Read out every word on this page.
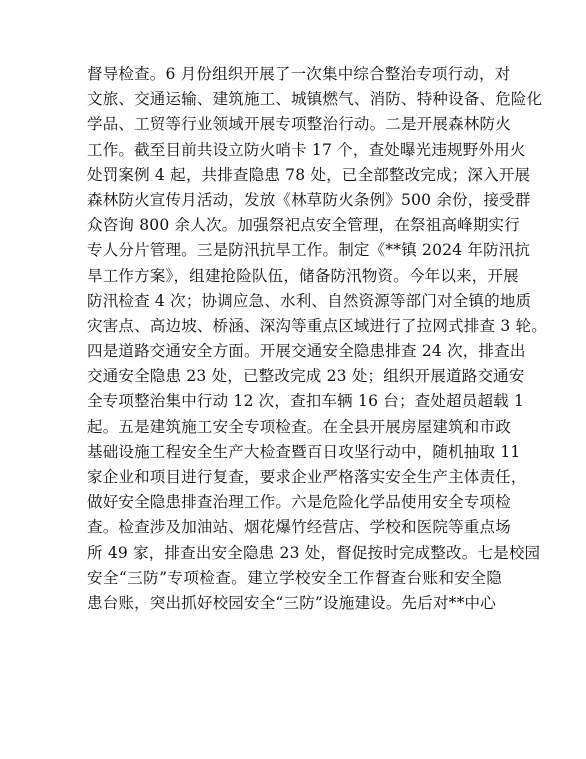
督导检查。6 月份组织开展了一次集中综合整治专项行动，对
文旅、交通运输、建筑施工、城镇燃气、消防、特种设备、危险化
学品、工贸等行业领域开展专项整治行动。二是开展森林防火
工作。截至目前共设立防火哨卡 17 个，查处曝光违规野外用火
处罚案例 4 起，共排查隐患 78 处，已全部整改完成；深入开展
森林防火宣传月活动，发放《林草防火条例》500 余份，接受群
众咨询 800 余人次。加强祭祀点安全管理，在祭祖高峰期实行
专人分片管理。三是防汛抗旱工作。制定《**镇 2024 年防汛抗
旱工作方案》，组建抢险队伍，储备防汛物资。今年以来，开展
防汛检查 4 次；协调应急、水利、自然资源等部门对全镇的地质
灾害点、高边坡、桥涵、深沟等重点区域进行了拉网式排查 3 轮。
四是道路交通安全方面。开展交通安全隐患排查 24 次，排查出
交通安全隐患 23 处，已整改完成 23 处；组织开展道路交通安
全专项整治集中行动 12 次，查扣车辆 16 台；查处超员超载 1
起。五是建筑施工安全专项检查。在全县开展房屋建筑和市政
基础设施工程安全生产大检查暨百日攻坚行动中，随机抽取 11
家企业和项目进行复查，要求企业严格落实安全生产主体责任，
做好安全隐患排查治理工作。六是危险化学品使用安全专项检
查。检查涉及加油站、烟花爆竹经营店、学校和医院等重点场
所 49 家，排查出安全隐患 23 处，督促按时完成整改。七是校园
安全“三防”专项检查。建立学校安全工作督查台账和安全隐
患台账，突出抓好校园安全“三防”设施建设。先后对**中心
